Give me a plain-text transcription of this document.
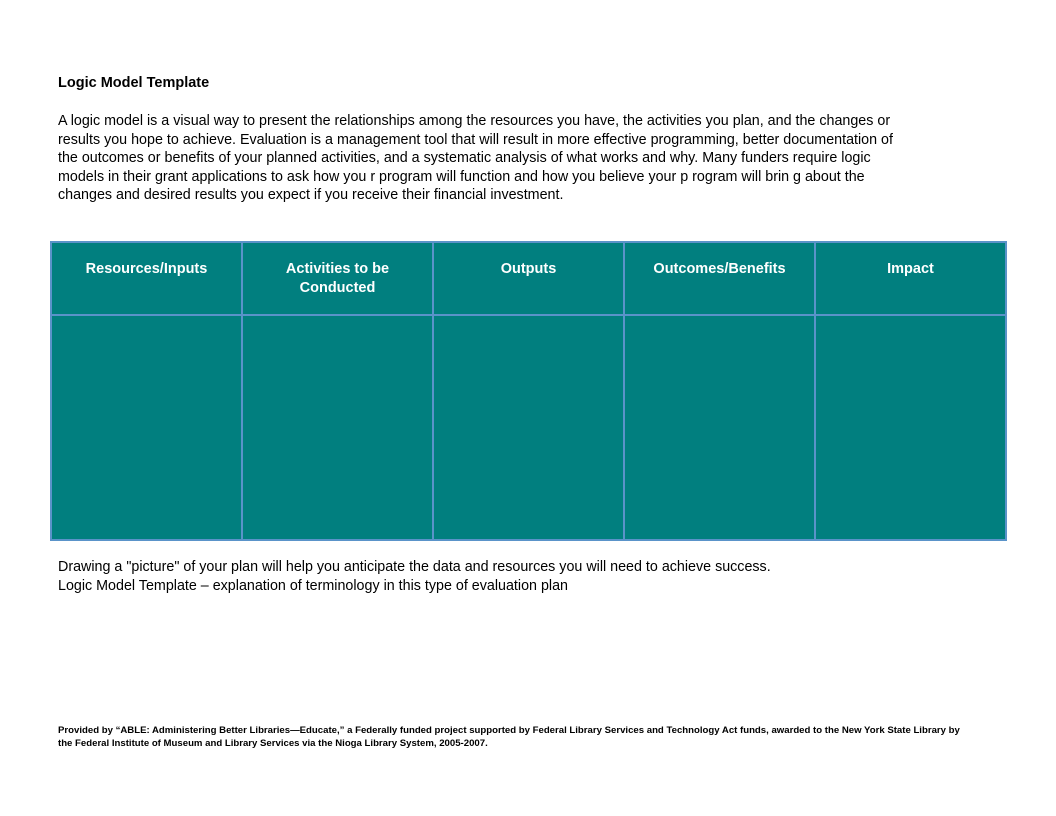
Logic Model Template
A logic model is a visual way to present the relationships among the resources you have, the activities you plan, and the changes or
results you hope to achieve. Evaluation is a management tool that will result in more effective programming, better documentation of
the outcomes or benefits of your planned activities, and a systematic analysis of what works and why. Many funders require logic
models in their grant applications to ask how you r program will function and how you believe your p rogram will brin g about the
changes and desired results you expect if you receive their financial investment.
Resources/Inputs	Activities to be
Conducted	Outputs	Outcomes/Benefits	Impact

Drawing a "picture" of your plan will help you anticipate the data and resources you will need to achieve success.
Logic Model Template – explanation of terminology in this type of evaluation plan
Provided by “ABLE: Administering Better Libraries—Educate,” a Federally funded project supported by Federal Library Services and Technology Act funds, awarded to the New York State Library by
the Federal Institute of Museum and Library Services via the Nioga Library System, 2005-2007.
